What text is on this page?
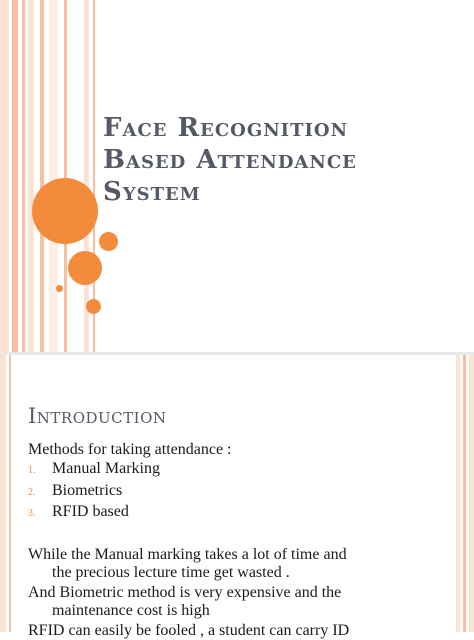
Face Recognition
Based Attendance
System
Introduction
Methods for taking attendance :
1. Manual Marking
2. Biometrics
3. RFID based
While the Manual marking takes a lot of time and
the precious lecture time get wasted .
And Biometric method is very expensive and the
maintenance cost is high
RFID can easily be fooled , a student can carry ID
